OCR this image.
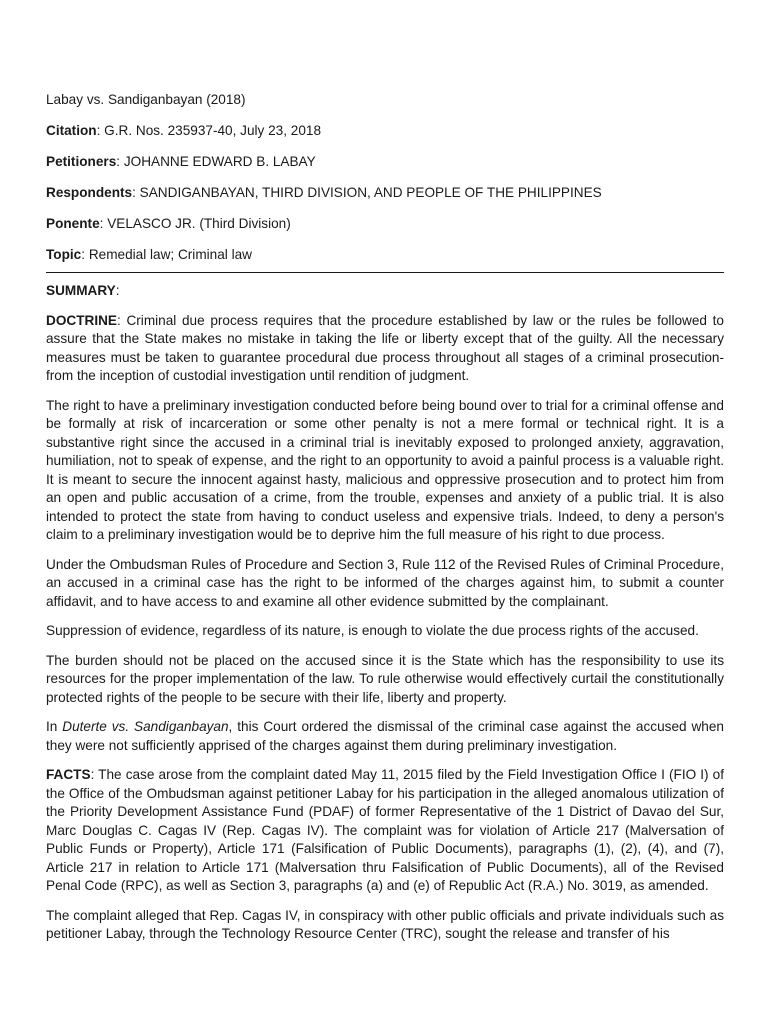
Labay vs. Sandiganbayan (2018)
Citation: G.R. Nos. 235937-40, July 23, 2018
Petitioners: JOHANNE EDWARD B. LABAY
Respondents: SANDIGANBAYAN, THIRD DIVISION, AND PEOPLE OF THE PHILIPPINES
Ponente: VELASCO JR. (Third Division)
Topic: Remedial law; Criminal law
SUMMARY:

DOCTRINE: Criminal due process requires that the procedure established by law or the rules be followed to assure that the State makes no mistake in taking the life or liberty except that of the guilty. All the necessary measures must be taken to guarantee procedural due process throughout all stages of a criminal prosecution- from the inception of custodial investigation until rendition of judgment.

The right to have a preliminary investigation conducted before being bound over to trial for a criminal offense and be formally at risk of incarceration or some other penalty is not a mere formal or technical right. It is a substantive right since the accused in a criminal trial is inevitably exposed to prolonged anxiety, aggravation, humiliation, not to speak of expense, and the right to an opportunity to avoid a painful process is a valuable right. It is meant to secure the innocent against hasty, malicious and oppressive prosecution and to protect him from an open and public accusation of a crime, from the trouble, expenses and anxiety of a public trial. It is also intended to protect the state from having to conduct useless and expensive trials. Indeed, to deny a person's claim to a preliminary investigation would be to deprive him the full measure of his right to due process.

Under the Ombudsman Rules of Procedure and Section 3, Rule 112 of the Revised Rules of Criminal Procedure, an accused in a criminal case has the right to be informed of the charges against him, to submit a counter affidavit, and to have access to and examine all other evidence submitted by the complainant.

Suppression of evidence, regardless of its nature, is enough to violate the due process rights of the accused.

The burden should not be placed on the accused since it is the State which has the responsibility to use its resources for the proper implementation of the law. To rule otherwise would effectively curtail the constitutionally protected rights of the people to be secure with their life, liberty and property.

In Duterte vs. Sandiganbayan, this Court ordered the dismissal of the criminal case against the accused when they were not sufficiently apprised of the charges against them during preliminary investigation.

FACTS: The case arose from the complaint dated May 11, 2015 filed by the Field Investigation Office I (FIO I) of the Office of the Ombudsman against petitioner Labay for his participation in the alleged anomalous utilization of the Priority Development Assistance Fund (PDAF) of former Representative of the 1 District of Davao del Sur, Marc Douglas C. Cagas IV (Rep. Cagas IV). The complaint was for violation of Article 217 (Malversation of Public Funds or Property), Article 171 (Falsification of Public Documents), paragraphs (1), (2), (4), and (7), Article 217 in relation to Article 171 (Malversation thru Falsification of Public Documents), all of the Revised Penal Code (RPC), as well as Section 3, paragraphs (a) and (e) of Republic Act (R.A.) No. 3019, as amended.

The complaint alleged that Rep. Cagas IV, in conspiracy with other public officials and private individuals such as petitioner Labay, through the Technology Resource Center (TRC), sought the release and transfer of his
